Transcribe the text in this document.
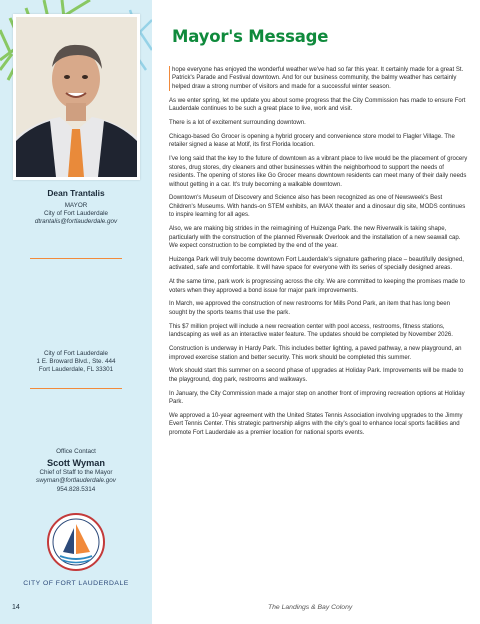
Dean Trantalis
MAYOR
City of Fort Lauderdale
dtrantalis@fortlauderdale.gov
City of Fort Lauderdale
1 E. Broward Blvd., Ste. 444
Fort Lauderdale, FL 33301
Office Contact
Scott Wyman
Chief of Staff to the Mayor
swyman@fortlauderdale.gov
954.828.5314
CITY OF FORT LAUDERDALE
Mayor's Message

hope everyone has enjoyed the wonderful weather we've had so far this year. It certainly made for a great St. Patrick's Parade and Festival downtown. And for our business community, the balmy weather has certainly helped draw a strong number of visitors and made for a successful winter season.

As we enter spring, let me update you about some progress that the City Commission has made to ensure Fort Lauderdale continues to be such a great place to live, work and visit.

There is a lot of excitement surrounding downtown.

Chicago-based Go Grocer is opening a hybrid grocery and convenience store model to Flagler Village. The retailer signed a lease at Motif, its first Florida location.

I've long said that the key to the future of downtown as a vibrant place to live would be the placement of grocery stores, drug stores, dry cleaners and other businesses within the neighborhood to support the needs of residents. The opening of stores like Go Grocer means downtown residents can meet many of their daily needs without getting in a car. It's truly becoming a walkable downtown.

Downtown's Museum of Discovery and Science also has been recognized as one of Newsweek's Best Children's Museums. With hands-on STEM exhibits, an IMAX theater and a dinosaur dig site, MODS continues to inspire learning for all ages.

Also, we are making big strides in the reimagining of Huizenga Park. the new Riverwalk is taking shape, particularly with the construction of the planned Riverwalk Overlook and the installation of a new seawall cap. We expect construction to be completed by the end of the year.

Huizenga Park will truly become downtown Fort Lauderdale's signature gathering place – beautifully designed, activated, safe and comfortable. It will have space for everyone with its series of specially designed areas.

At the same time, park work is progressing across the city. We are committed to keeping the promises made to voters when they approved a bond issue for major park improvements.

In March, we approved the construction of new restrooms for Mills Pond Park, an item that has long been sought by the sports teams that use the park.

This $7 million project will include a new recreation center with pool access, restrooms, fitness stations, landscaping as well as an interactive water feature. The updates should be completed by November 2026.

Construction is underway in Hardy Park. This includes better lighting, a paved pathway, a new playground, an improved exercise station and better security. This work should be completed this summer.

Work should start this summer on a second phase of upgrades at Holiday Park. Improvements will be made to the playground, dog park, restrooms and walkways.

In January, the City Commission made a major step on another front of improving recreation options at Holiday Park.

We approved a 10-year agreement with the United States Tennis Association involving upgrades to the Jimmy Evert Tennis Center. This strategic partnership aligns with the city's goal to enhance local sports facilities and promote Fort Lauderdale as a premier location for national sports events.

14	The Landings & Bay Colony
